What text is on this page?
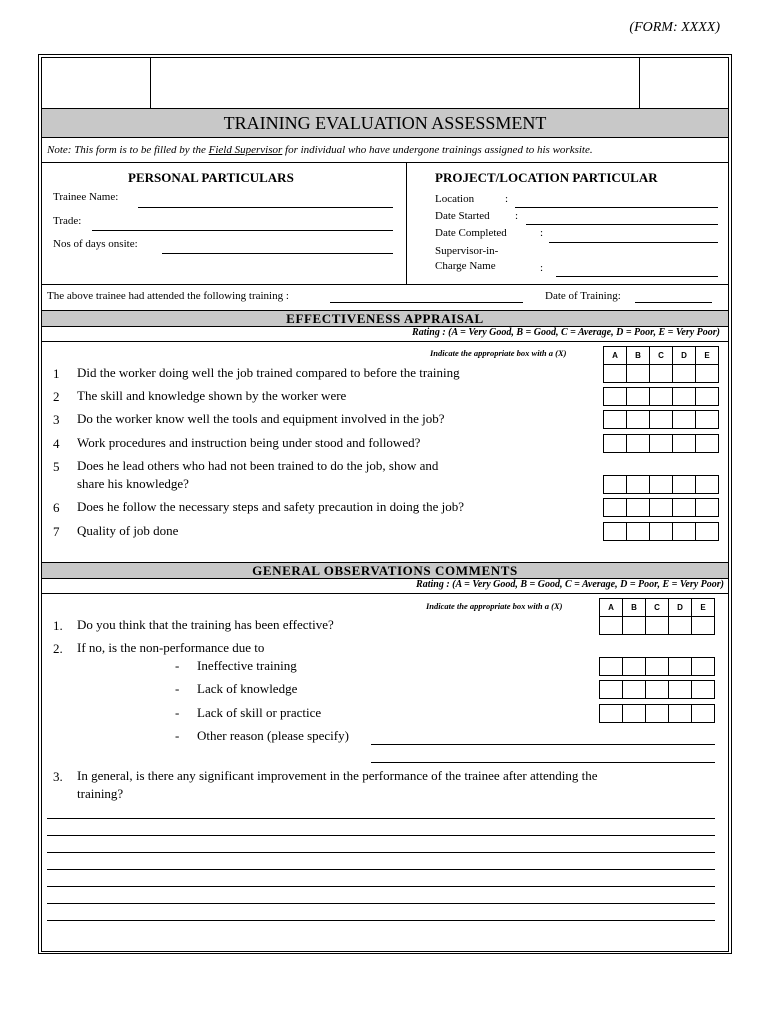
(FORM: XXXX)
TRAINING EVALUATION ASSESSMENT
Note: This form is to be filled by the Field Supervisor for individual who have undergone trainings assigned to his worksite.
PERSONAL PARTICULARS
Trainee Name:
Trade:
Nos of days onsite:
PROJECT/LOCATION PARTICULAR
Location	:
Date Started :
Date Completed	:
Supervisor-in-
Charge Name	:
The above trainee had attended the following training :	Date of Training:
EFFECTIVENESS APPRAISAL
Rating : (A = Very Good, B = Good, C = Average, D = Poor, E = Very Poor)
Indicate the appropriate box with a (X)	A	B	C	D	E
1 Did the worker doing well the job trained compared to before the training

2 The skill and knowledge shown by the worker were

3 Do the worker know well the tools and equipment involved in the job?

4 Work procedures and instruction being under stood and followed?

5 Does he lead others who had not been trained to do the job, show and
share his knowledge?

6 Does he follow the necessary steps and safety precaution in doing the job?

7 Quality of job done

GENERAL OBSERVATIONS COMMENTS
Rating : (A = Very Good, B = Good, C = Average, D = Poor, E = Very Poor)
Indicate the appropriate box with a (X)	A	B	C	D	E
1. Do you think that the training has been effective?

2. If no, is the non-performance due to
- Ineffective training

- Lack of knowledge

- Lack of skill or practice

- Other reason (please specify)
3. In general, is there any significant improvement in the performance of the trainee after attending the
training?
